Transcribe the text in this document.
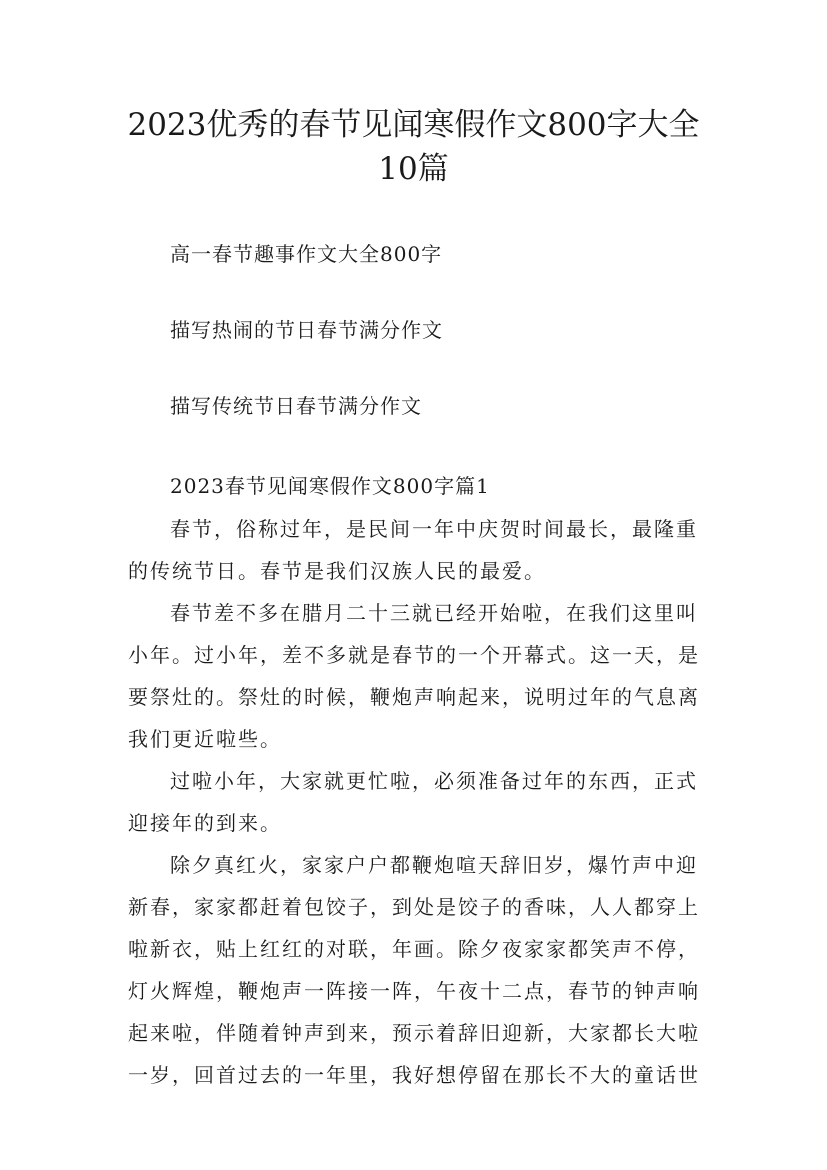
2023优秀的春节见闻寒假作文800字大全
10篇
高一春节趣事作文大全800字
描写热闹的节日春节满分作文
描写传统节日春节满分作文
2023春节见闻寒假作文800字篇1
春节，俗称过年，是民间一年中庆贺时间最长，最隆重
的传统节日。春节是我们汉族人民的最爱。
春节差不多在腊月二十三就已经开始啦，在我们这里叫
小年。过小年，差不多就是春节的一个开幕式。这一天，是
要祭灶的。祭灶的时候，鞭炮声响起来，说明过年的气息离
我们更近啦些。
过啦小年，大家就更忙啦，必须准备过年的东西，正式
迎接年的到来。
除夕真红火，家家户户都鞭炮喧天辞旧岁，爆竹声中迎
新春，家家都赶着包饺子，到处是饺子的香味，人人都穿上
啦新衣，贴上红红的对联，年画。除夕夜家家都笑声不停，
灯火辉煌，鞭炮声一阵接一阵，午夜十二点，春节的钟声响
起来啦，伴随着钟声到来，预示着辞旧迎新，大家都长大啦
一岁，回首过去的一年里，我好想停留在那长不大的童话世
